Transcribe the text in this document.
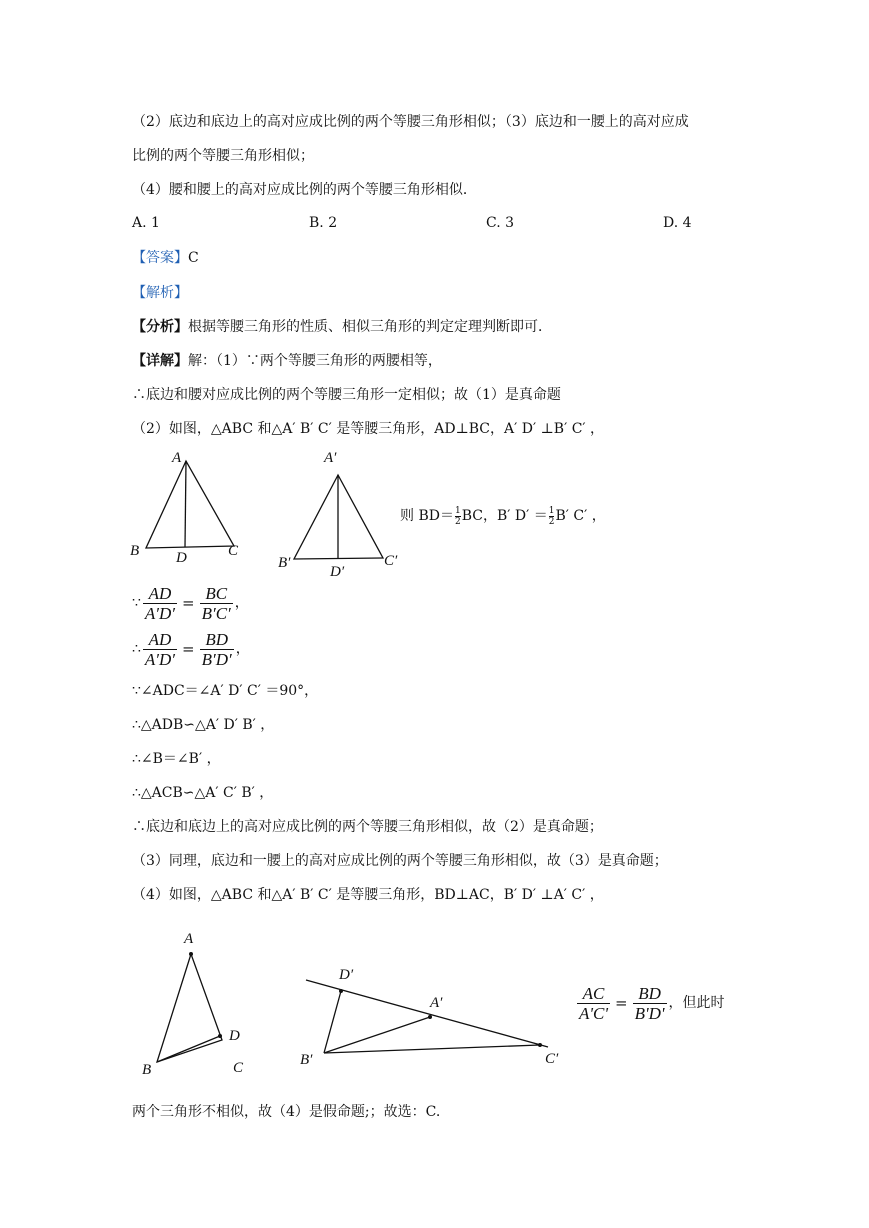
（2）底边和底边上的高对应成比例的两个等腰三角形相似；（3）底边和一腰上的高对应成
比例的两个等腰三角形相似；
（4）腰和腰上的高对应成比例的两个等腰三角形相似．
A. 1	B. 2	C. 3	D. 4
【答案】C
【解析】
【分析】根据等腰三角形的性质、相似三角形的判定定理判断即可．
【详解】解：（1）∵两个等腰三角形的两腰相等，
∴底边和腰对应成比例的两个等腰三角形一定相似；故（1）是真命题
（2）如图，△ABC 和△A′ B′ C′ 是等腰三角形，AD⊥BC，A′ D′ ⊥B′ C′ ，
A
B D	C
A′
B′
D′
C′
则 $BD= \frac{1}{2}$ BC，B′ $D' = \frac{1}{2} B'$ C′ ，
∵ $\frac{AD}{A'D'} = \frac{BC}{B'C'}$ ，
∴ $\frac{AD}{A'D'} = \frac{BD}{B'D'}$ ，
∵∠ADC＝∠A′ D′ C′ ＝90°，
∴△ADB∽△A′ D′ B′ ，
∴∠B＝∠B′ ，
∴△ACB∽△A′ C′ B′ ，
∴底边和底边上的高对应成比例的两个等腰三角形相似，故（2）是真命题；
（3）同理，底边和一腰上的高对应成比例的两个等腰三角形相似，故（3）是真命题；
（4）如图，△ABC 和△A′ B′ C′ 是等腰三角形，BD⊥AC，B′ D′ ⊥A′ C′ ，
A
D
B	C
D′
A′
B′	C′
$\frac{AC}{A'C'} = \frac{BD}{B'D'}$ ，但此时
两个三角形不相似，故（4）是假命题;；故选：C.
